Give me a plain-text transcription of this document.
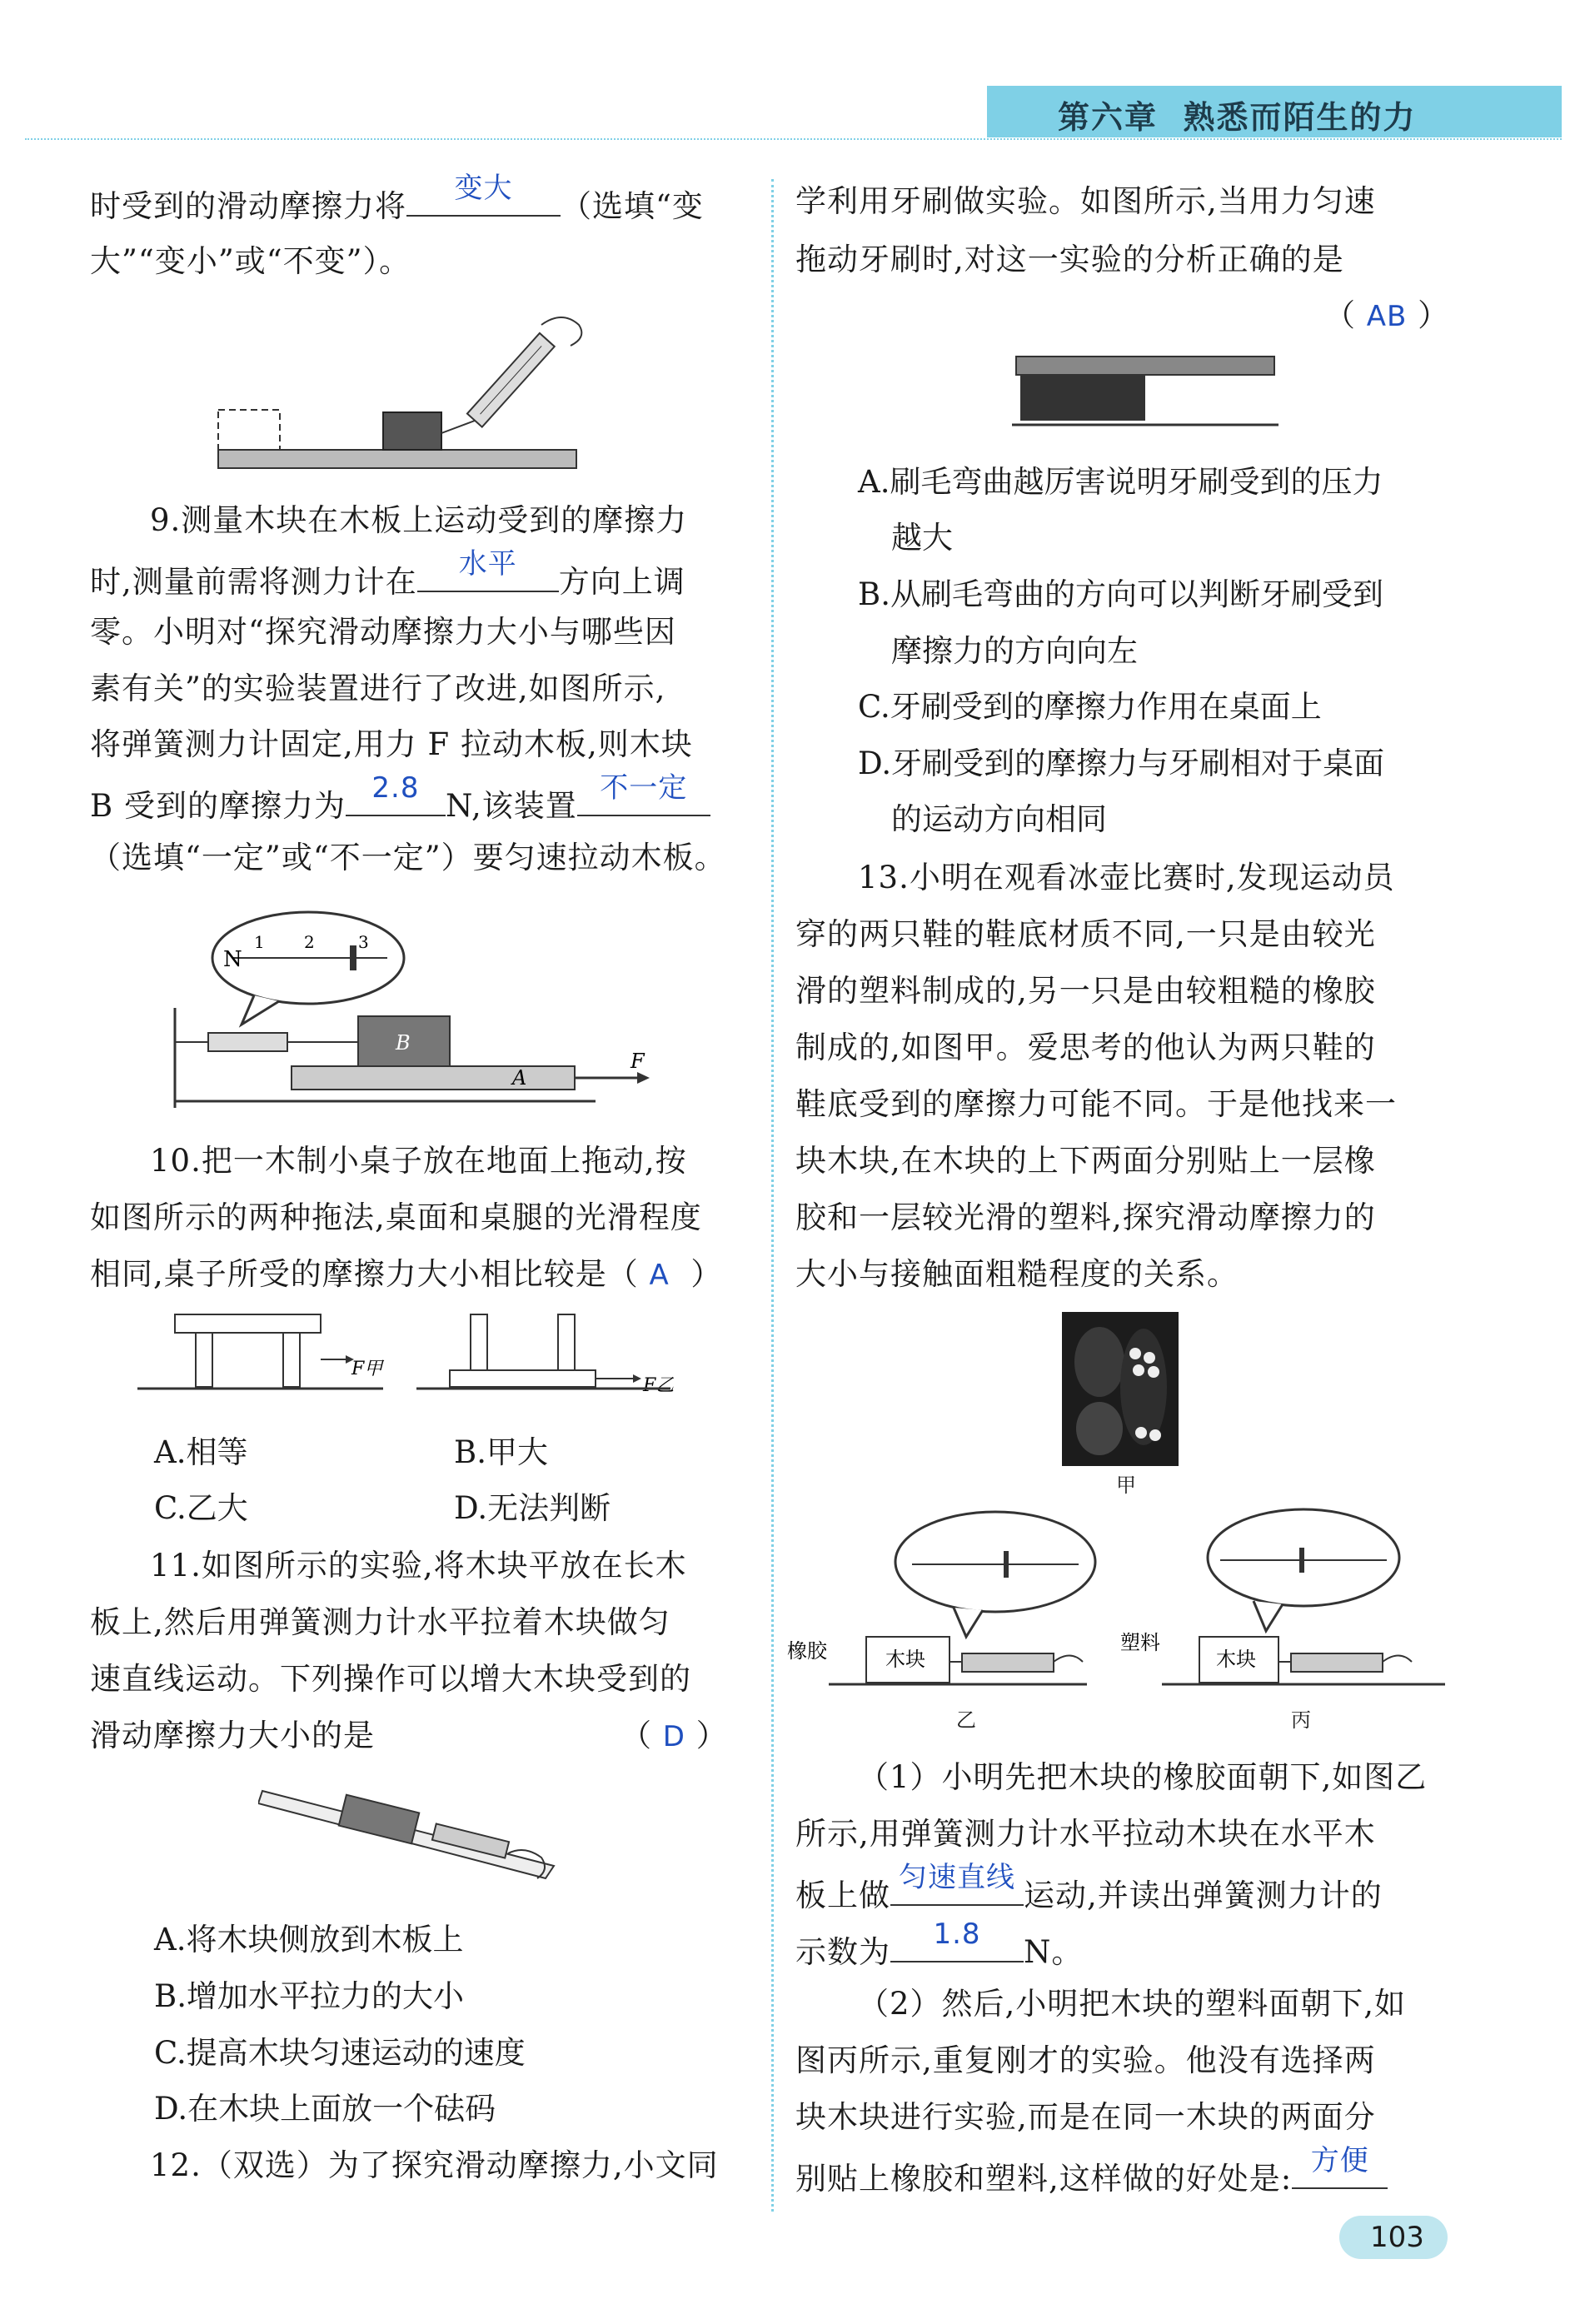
第六章 熟悉而陌生的力
时受到的滑动摩擦力将	变大	（选填“变
大”“变小”或“不变”）。
9.测量木块在木板上运动受到的摩擦力
时,测量前需将测力计在	水平	方向上调
零。小明对“探究滑动摩擦力大小与哪些因
素有关”的实验装置进行了改进,如图所示,
将弹簧测力计固定,用力 F 拉动木板,则木块
B 受到的摩擦力为 2.8 N,该装置 不一定
（选填“一定”或“不一定”）要匀速拉动木板。
N
1 2	3
B
A
F
10.把一木制小桌子放在地面上拖动,按
如图所示的两种拖法,桌面和桌腿的光滑程度
相同,桌子所受的摩擦力大小相比较是（ A ）
F甲
F乙
A.相等	B.甲大
C.乙大	D.无法判断
11.如图所示的实验,将木块平放在长木
板上,然后用弹簧测力计水平拉着木块做匀
速直线运动。下列操作可以增大木块受到的
滑动摩擦力大小的是	（ D ）
A.将木块侧放到木板上
B.增加水平拉力的大小
C.提高木块匀速运动的速度
D.在木块上面放一个砝码
12.（双选）为了探究滑动摩擦力,小文同
学利用牙刷做实验。如图所示,当用力匀速
拖动牙刷时,对这一实验的分析正确的是
（ AB ）
A.刷毛弯曲越厉害说明牙刷受到的压力
越大
B.从刷毛弯曲的方向可以判断牙刷受到
摩擦力的方向向左
C.牙刷受到的摩擦力作用在桌面上
D.牙刷受到的摩擦力与牙刷相对于桌面
的运动方向相同
13.小明在观看冰壶比赛时,发现运动员
穿的两只鞋的鞋底材质不同,一只是由较光
滑的塑料制成的,另一只是由较粗糙的橡胶
制成的,如图甲。爱思考的他认为两只鞋的
鞋底受到的摩擦力可能不同。于是他找来一
块木块,在木块的上下两面分别贴上一层橡
胶和一层较光滑的塑料,探究滑动摩擦力的
大小与接触面粗糙程度的关系。
甲
橡胶	木块
塑料
木块
乙	丙
（1）小明先把木块的橡胶面朝下,如图乙
所示,用弹簧测力计水平拉动木块在水平木
板上做 匀速直线 运动,并读出弹簧测力计的
示数为	1.8	N。
（2）然后,小明把木块的塑料面朝下,如
图丙所示,重复刚才的实验。他没有选择两
块木块进行实验,而是在同一木块的两面分
别贴上橡胶和塑料,这样做的好处是: 方便
103
